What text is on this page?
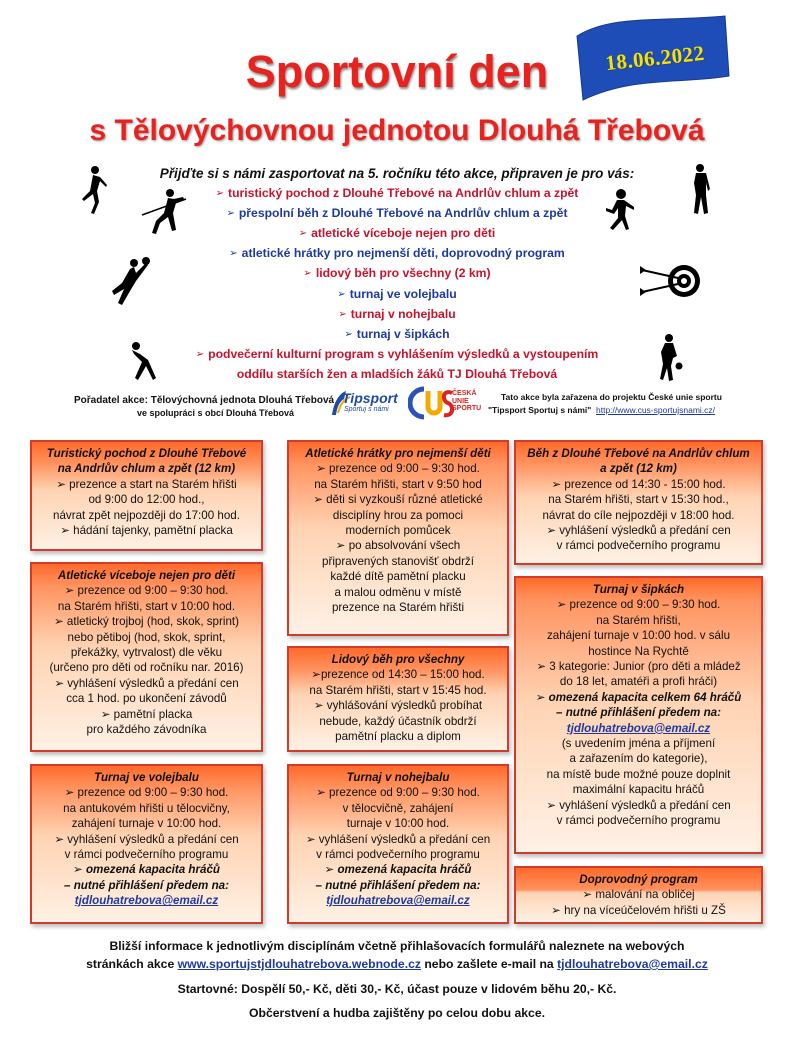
18.06.2022
Sportovní den
s Tělovýchovnou jednotou Dlouhá Třebová
Přijďte si s námi zasportovat na 5. ročníku této akce, připraven je pro vás:
➢ turistický pochod z Dlouhé Třebové na Andrlův chlum a zpět
➢ přespolní běh z Dlouhé Třebové na Andrlův chlum a zpět
➢ atletické víceboje nejen pro děti
➢ atletické hrátky pro nejmenší děti, doprovodný program
➢ lidový běh pro všechny (2 km)
➢ turnaj ve volejbalu
➢ turnaj v nohejbalu
➢ turnaj v šipkách
➢ podvečerní kulturní program s vyhlášením výsledků a vystoupením
oddílu starších žen a mladších žáků TJ Dlouhá Třebová
Pořadatel akce: Tělovýchovná jednota Dlouhá Třebová
ve spolupráci s obcí Dlouhá Třebová
Tipsport
Sportuj s námi
ČESKÁ UNIE SPORTU
Tato akce byla zařazena do projektu České unie sportu
"Tipsport Sportuj s námi" http://www.cus-sportujsnami.cz/
Turistický pochod z Dlouhé Třebové
na Andrlův chlum a zpět (12 km)
➢ prezence a start na Starém hřišti
od 9:00 do 12:00 hod.,
návrat zpět nejpozději do 17:00 hod.
➢ hádání tajenky, pamětní placka
Atletické hrátky pro nejmenší děti
➢ prezence od 9:00 – 9:30 hod.
na Starém hřišti, start v 9:50 hod
➢ děti si vyzkouší různé atletické
disciplíny hrou za pomoci
moderních pomůcek
➢ po absolvování všech
připravených stanovišť obdrží
každé dítě pamětní placku
a malou odměnu v místě
prezence na Starém hřišti
Běh z Dlouhé Třebové na Andrlův chlum
a zpět (12 km)
➢ prezence od 14:30 - 15:00 hod.
na Starém hřišti, start v 15:30 hod.,
návrat do cíle nejpozději v 18:00 hod.
➢ vyhlášení výsledků a předání cen
v rámci podvečerního programu
Atletické víceboje nejen pro děti
➢ prezence od 9:00 – 9:30 hod.
na Starém hřišti, start v 10:00 hod.
➢ atletický trojboj (hod, skok, sprint)
nebo pětiboj (hod, skok, sprint,
překážky, vytrvalost) dle věku
(určeno pro děti od ročníku nar. 2016)
➢ vyhlášení výsledků a předání cen
cca 1 hod. po ukončení závodů
➢ pamětní placka
pro každého závodníka
Lidový běh pro všechny
➢prezence od 14:30 – 15:00 hod.
na Starém hřišti, start v 15:45 hod.
➢ vyhlášování výsledků probíhat
nebude, každý účastník obdrží
pamětní placku a diplom
Turnaj v šipkách
➢ prezence od 9:00 – 9:30 hod.
na Starém hřišti,
zahájení turnaje v 10:00 hod. v sálu
hostince Na Rychtě
➢ 3 kategorie: Junior (pro děti a mládež
do 18 let, amatéři a profi hráči)
➢ omezená kapacita celkem 64 hráčů
– nutné přihlášení předem na:
tjdlouhatrebova@email.cz
(s uvedením jména a příjmení
a zařazením do kategorie),
na místě bude možné pouze doplnit
maximální kapacitu hráčů
➢ vyhlášení výsledků a předání cen
v rámci podvečerního programu
Turnaj ve volejbalu
➢ prezence od 9:00 – 9:30 hod.
na antukovém hřišti u tělocvičny,
zahájení turnaje v 10:00 hod.
➢ vyhlášení výsledků a předání cen
v rámci podvečerního programu
➢ omezená kapacita hráčů
– nutné přihlášení předem na:
tjdlouhatrebova@email.cz
Turnaj v nohejbalu
➢ prezence od 9:00 – 9:30 hod.
v tělocvičně, zahájení
turnaje v 10:00 hod.
➢ vyhlášení výsledků a předání cen
v rámci podvečerního programu
➢ omezená kapacita hráčů
– nutné přihlášení předem na:
tjdlouhatrebova@email.cz
Doprovodný program
➢ malování na obličej
➢ hry na víceúčelovém hřišti u ZŠ
Bližší informace k jednotlivým disciplínám včetně přihlašovacích formulářů naleznete na webových
stránkách akce www.sportujstjdlouhatrebova.webnode.cz nebo zašlete e-mail na tjdlouhatrebova@email.cz
Startovné: Dospělí 50,- Kč, děti 30,- Kč, účast pouze v lidovém běhu 20,- Kč.
Občerstvení a hudba zajištěny po celou dobu akce.
